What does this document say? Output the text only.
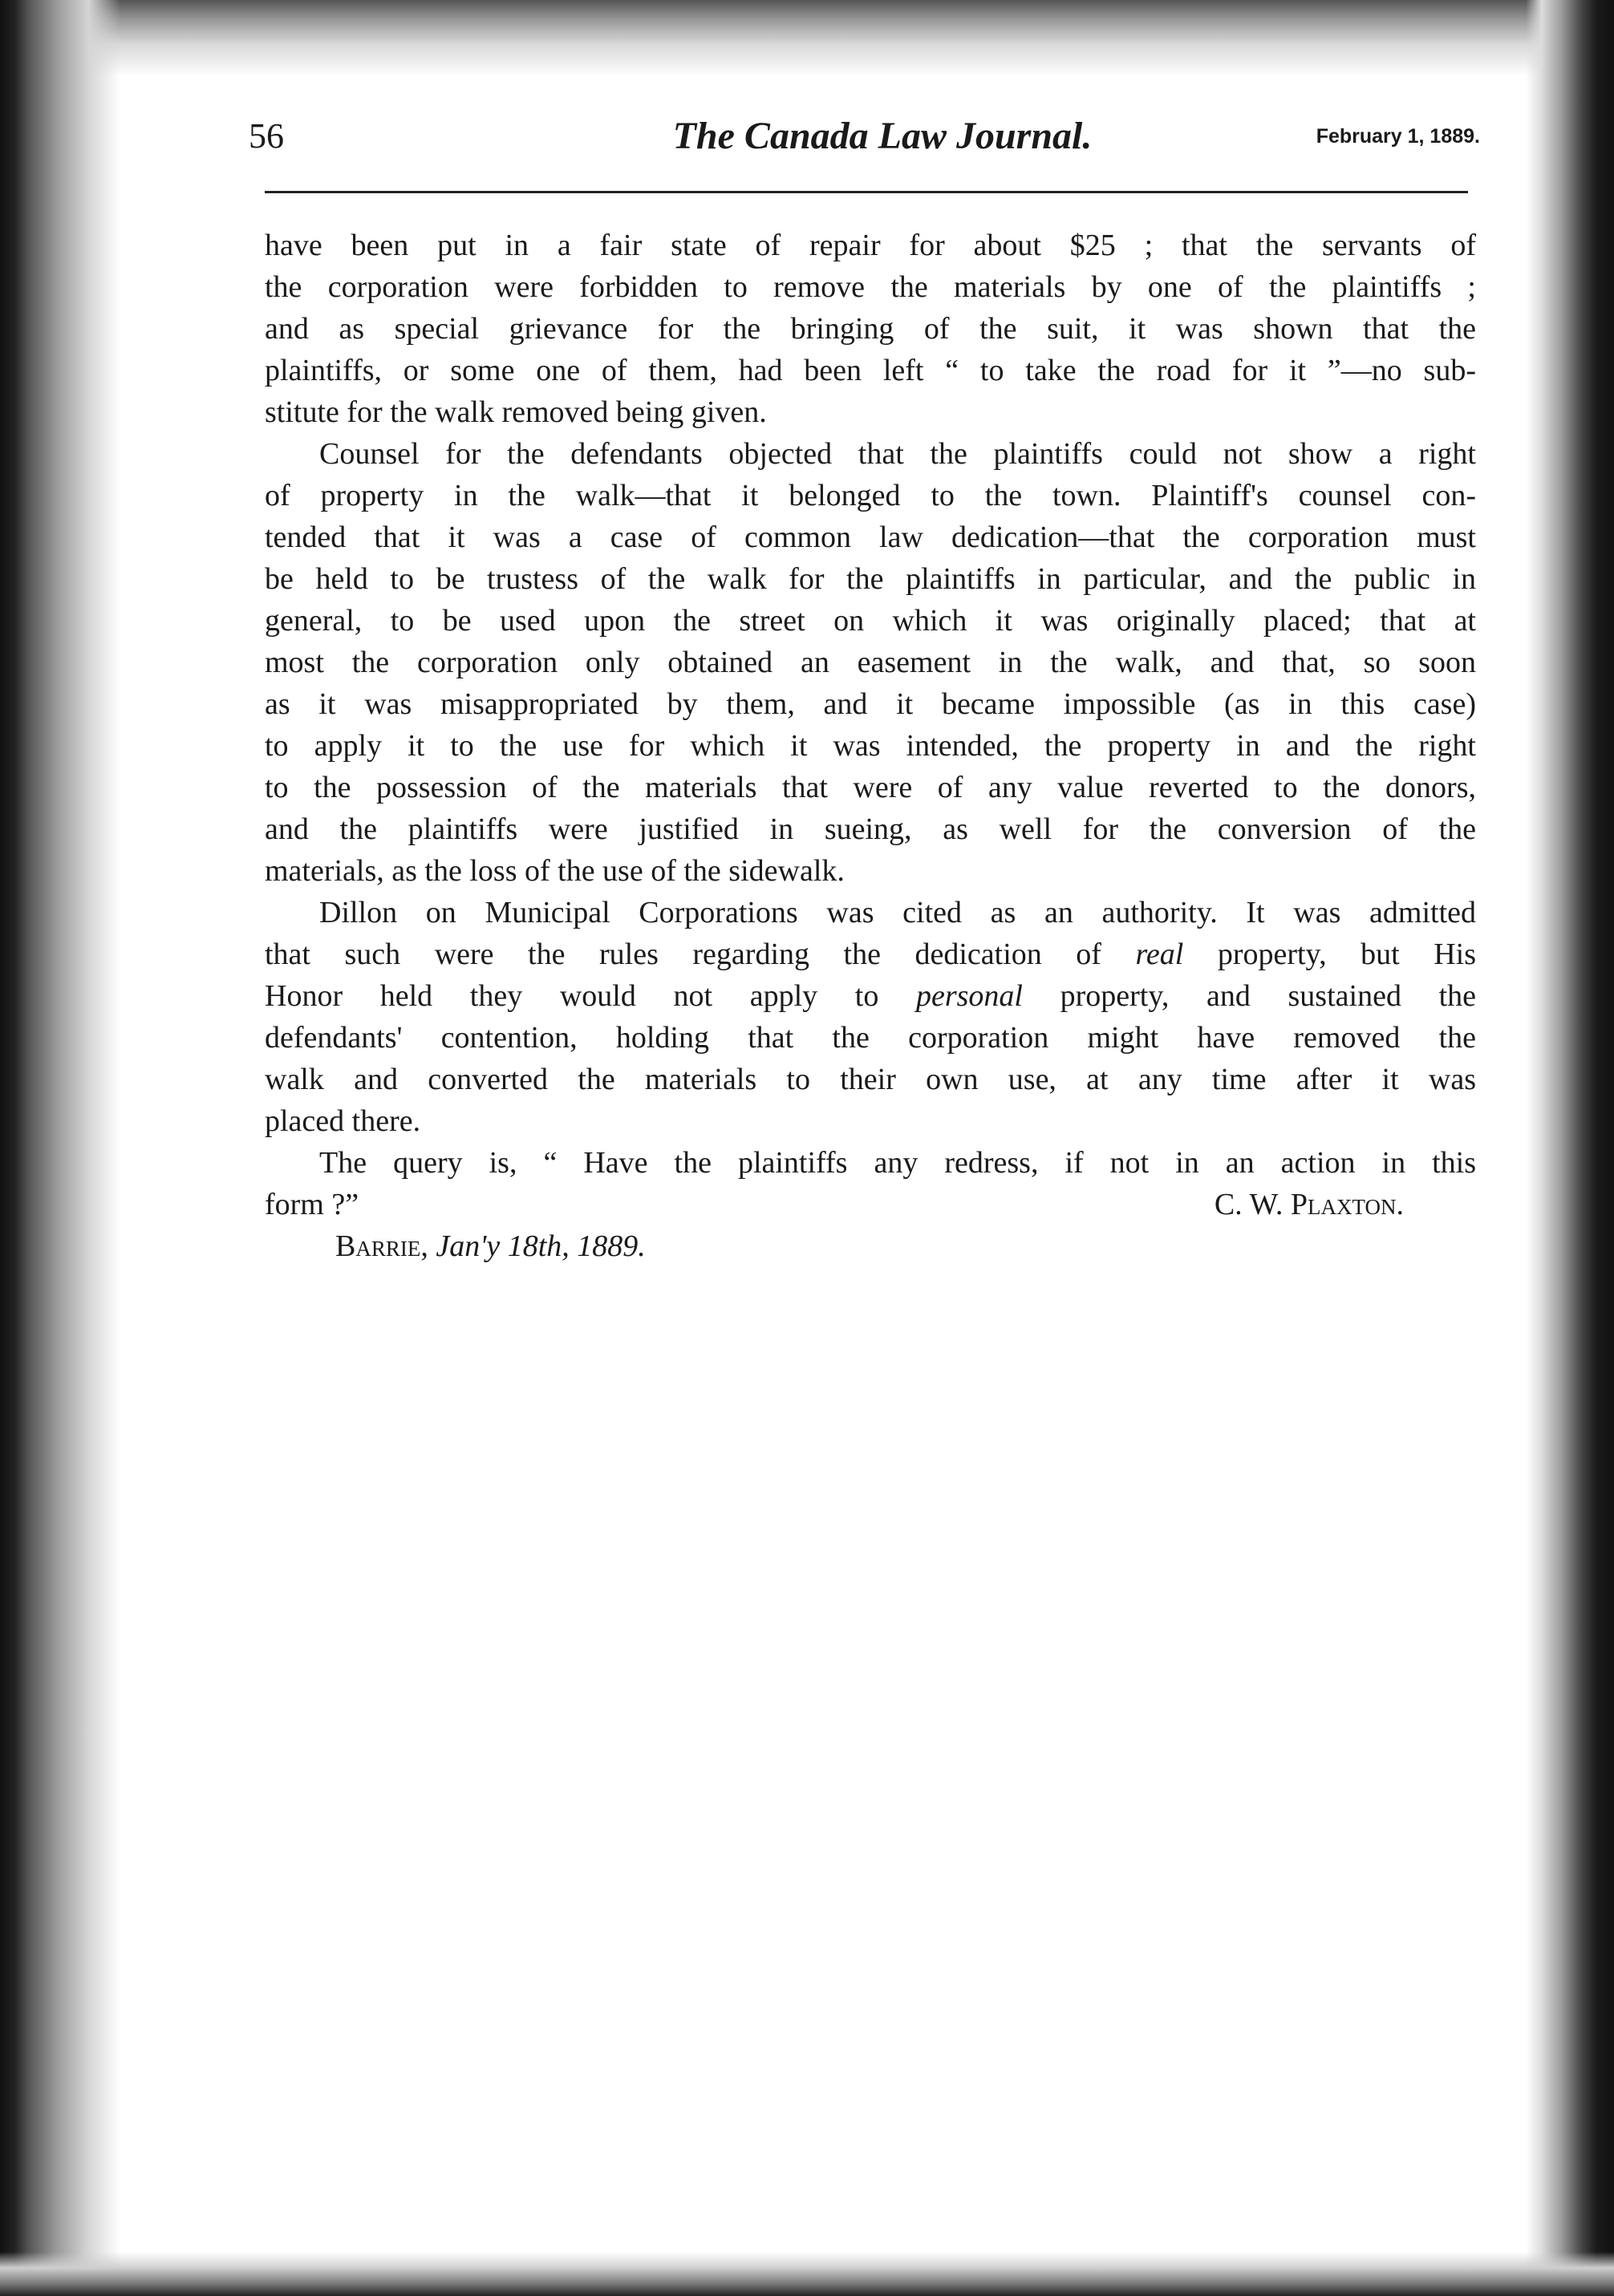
56	The Canada Law Journal.	February 1, 1889.
have been put in a fair state of repair for about $25 ; that the servants of
the corporation were forbidden to remove the materials by one of the plaintiffs ;
and as special grievance for the bringing of the suit, it was shown that the
plaintiffs, or some one of them, had been left “ to take the road for it ”—no sub-
stitute for the walk removed being given.
Counsel for the defendants objected that the plaintiffs could not show a right
of property in the walk—that it belonged to the town. Plaintiff's counsel con-
tended that it was a case of common law dedication—that the corporation must
be held to be trustess of the walk for the plaintiffs in particular, and the public in
general, to be used upon the street on which it was originally placed; that at
most the corporation only obtained an easement in the walk, and that, so soon
as it was misappropriated by them, and it became impossible (as in this case)
to apply it to the use for which it was intended, the property in and the right
to the possession of the materials that were of any value reverted to the donors,
and the plaintiffs were justified in sueing, as well for the conversion of the
materials, as the loss of the use of the sidewalk.
Dillon on Municipal Corporations was cited as an authority. It was admitted
that such were the rules regarding the dedication of real property, but His
Honor held they would not apply to personal property, and sustained the
defendants' contention, holding that the corporation might have removed the
walk and converted the materials to their own use, at any time after it was
placed there.
The query is, “ Have the plaintiffs any redress, if not in an action in this
form ?”	C. W. Plaxton.
Barrie, Jan'y 18th, 1889.
